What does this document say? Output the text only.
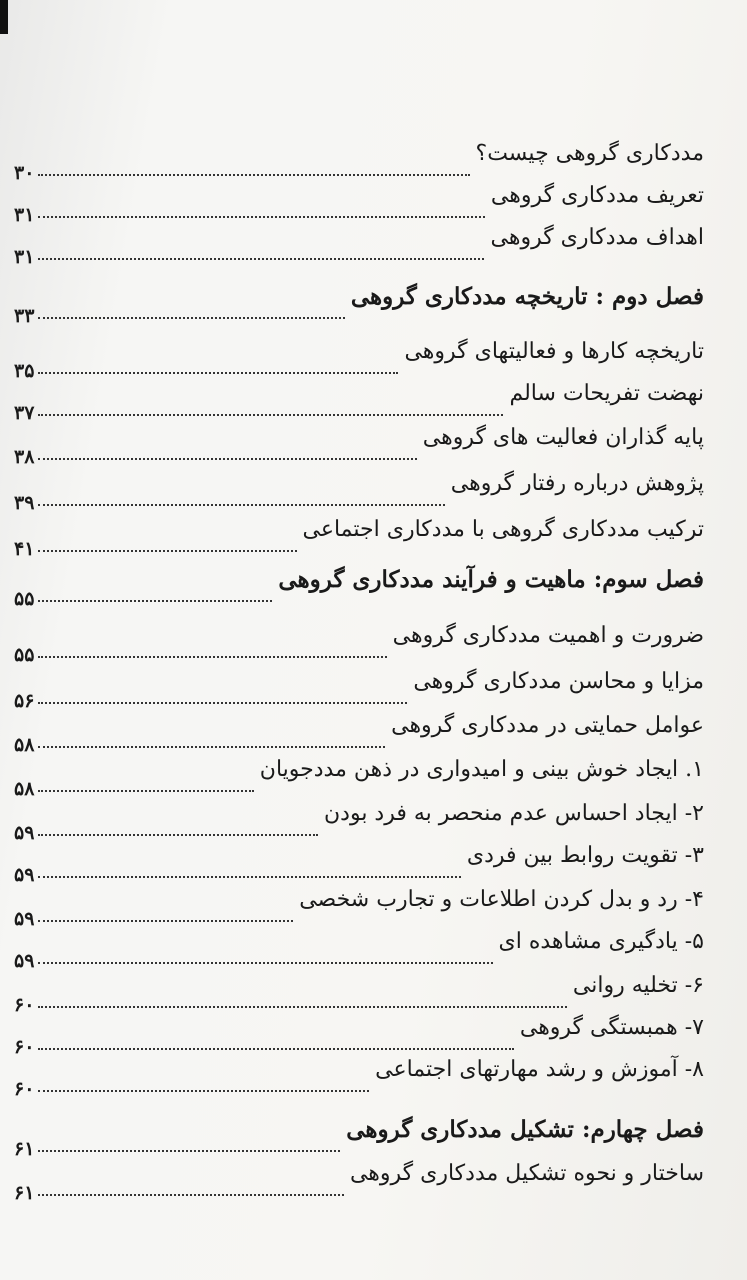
مددکاری گروهی چیست؟
۳۰
تعریف مددکاری گروهی
۳۱
اهداف مددکاری گروهی
۳۱
فصل دوم : تاریخچه مددکاری گروهی
۳۳
تاریخچه کارها و فعالیتهای گروهی
۳۵
نهضت تفریحات سالم
۳۷
پایه گذاران فعالیت های گروهی
۳۸
پژوهش درباره رفتار گروهی
۳۹
ترکیب مددکاری گروهی با مددکاری اجتماعی
۴۱
فصل سوم: ماهیت و فرآیند مددکاری گروهی
۵۵
ضرورت و اهمیت مددکاری گروهی
۵۵
مزایا و محاسن مددکاری گروهی
۵۶
عوامل حمایتی در مددکاری گروهی
۵۸
۱. ایجاد خوش بینی و امیدواری در ذهن مددجویان
۵۸
۲- ایجاد احساس عدم منحصر به فرد بودن
۵۹
۳- تقویت روابط بین فردی
۵۹
۴- رد و بدل کردن اطلاعات و تجارب شخصی
۵۹
۵- یادگیری مشاهده ای
۵۹
۶- تخلیه روانی
۶۰
۷- همبستگی گروهی
۶۰
۸- آموزش و رشد مهارتهای اجتماعی
۶۰
فصل چهارم: تشکیل مددکاری گروهی
۶۱
ساختار و نحوه تشکیل مددکاری گروهی
۶۱
